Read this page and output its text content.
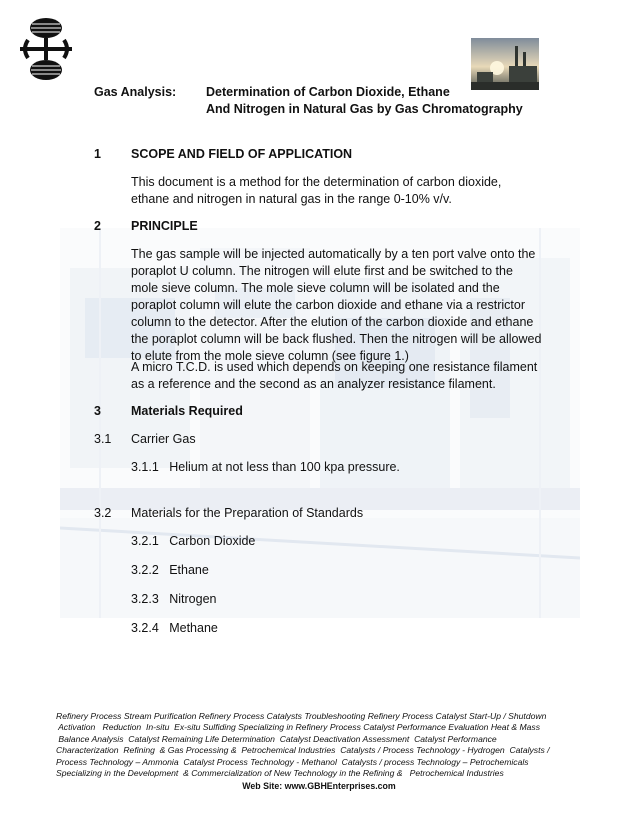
Gas Analysis: Determination of Carbon Dioxide, Ethane
And Nitrogen in Natural Gas by Gas Chromatography
1 SCOPE AND FIELD OF APPLICATION
This document is a method for the determination of carbon dioxide, ethane and nitrogen in natural gas in the range 0-10% v/v.
2 PRINCIPLE
The gas sample will be injected automatically by a ten port valve onto the poraplot U column. The nitrogen will elute first and be switched to the mole sieve column. The mole sieve column will be isolated and the poraplot column will elute the carbon dioxide and ethane via a restrictor column to the detector. After the elution of the carbon dioxide and ethane the poraplot column will be back flushed. Then the nitrogen will be allowed to elute from the mole sieve column (see figure 1.)
A micro T.C.D. is used which depends on keeping one resistance filament as a reference and the second as an analyzer resistance filament.
3 Materials Required
3.1 Carrier Gas
3.1.1   Helium at not less than 100 kpa pressure.
3.2 Materials for the Preparation of Standards
3.2.1   Carbon Dioxide
3.2.2   Ethane
3.2.3   Nitrogen
3.2.4   Methane
Refinery Process Stream Purification Refinery Process Catalysts Troubleshooting Refinery Process Catalyst Start-Up / Shutdown
Activation   Reduction  In-situ  Ex-situ Sulfiding Specializing in Refinery Process Catalyst Performance Evaluation Heat & Mass
Balance Analysis  Catalyst Remaining Life Determination  Catalyst Deactivation Assessment  Catalyst Performance
Characterization  Refining  & Gas Processing &  Petrochemical Industries  Catalysts / Process Technology - Hydrogen  Catalysts /
Process Technology – Ammonia  Catalyst Process Technology - Methanol  Catalysts / process Technology – Petrochemicals
Specializing in the Development  & Commercialization of New Technology in the Refining &   Petrochemical Industries
Web Site: www.GBHEnterprises.com
